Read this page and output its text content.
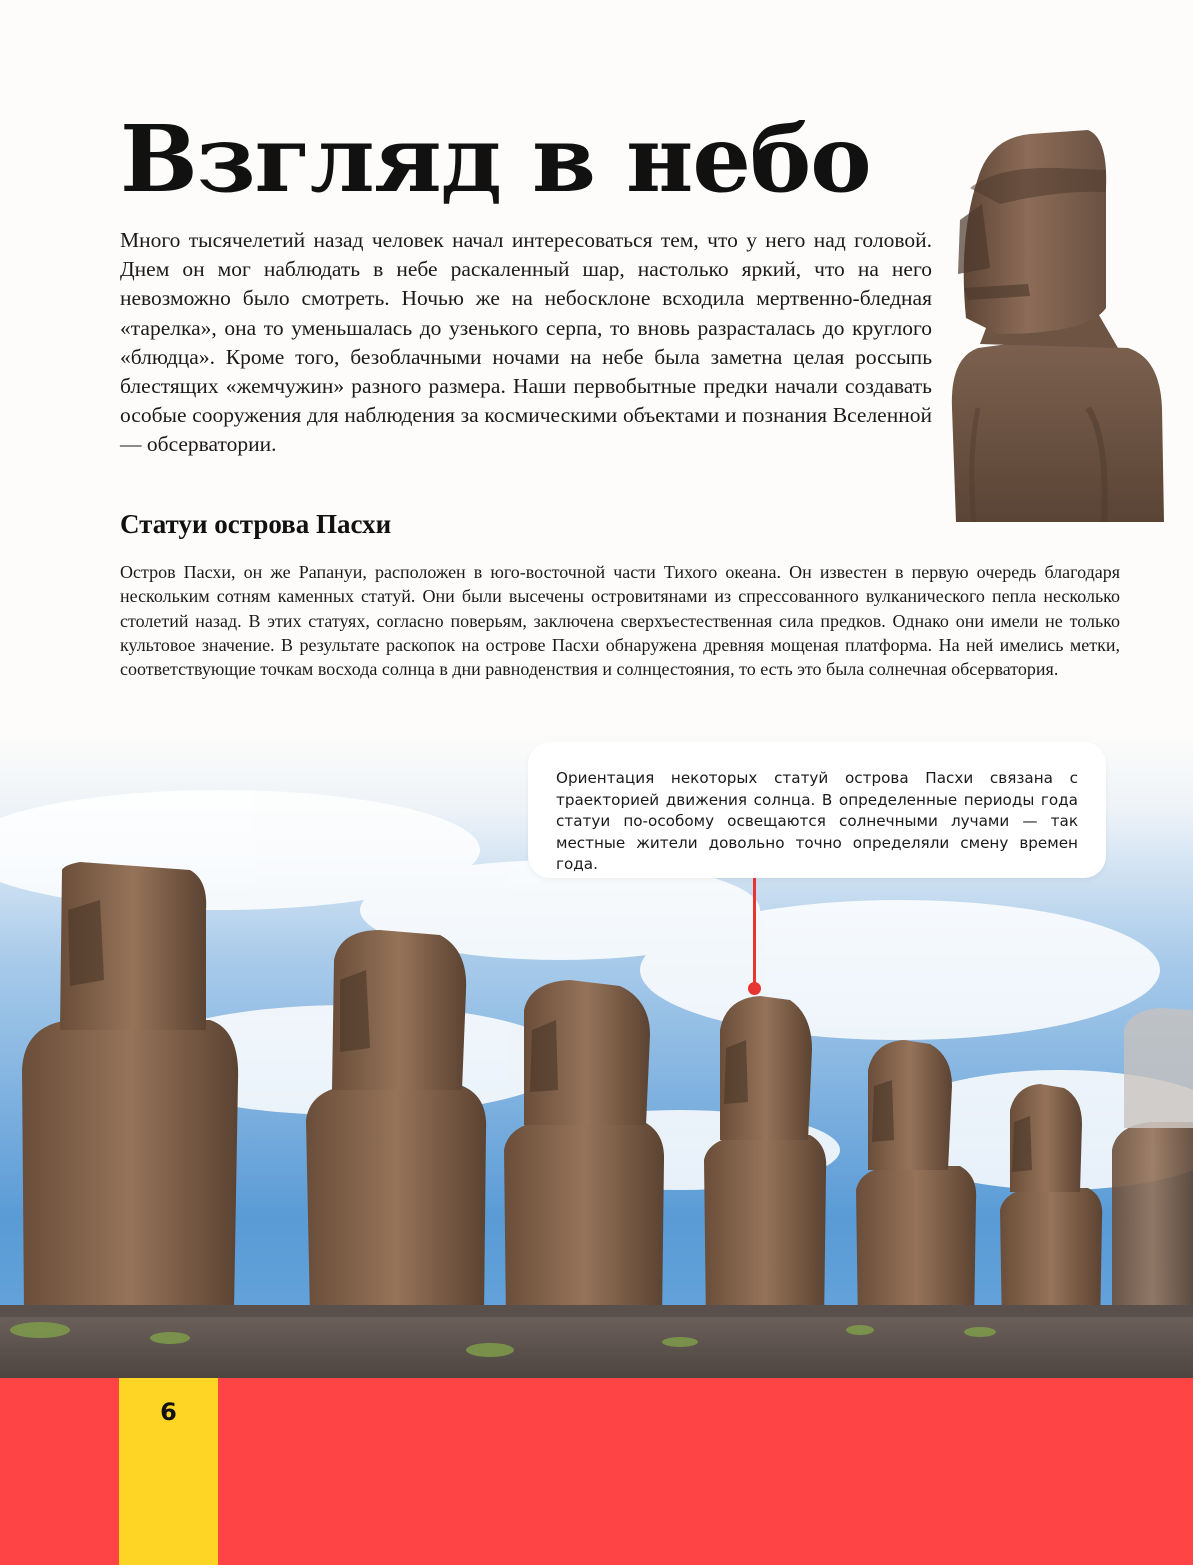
Взгляд в небо

Много тысячелетий назад человек начал интересоваться тем, что у него над головой. Днем он мог наблюдать в небе раскаленный шар, настолько яркий, что на него невозможно было смотреть. Ночью же на небосклоне всходила мертвенно-бледная «тарелка», она то уменьшалась до узенького серпа, то вновь разрасталась до круглого «блюдца». Кроме того, безоблачными ночами на небе была заметна целая россыпь блестящих «жемчужин» разного размера. Наши первобытные предки начали создавать особые сооружения для наблюдения за космическими объектами и познания Вселенной — обсерватории.

Статуи острова Пасхи

Остров Пасхи, он же Рапануи, расположен в юго-восточной части Тихого океана. Он известен в первую очередь благодаря нескольким сотням каменных статуй. Они были высечены островитянами из спрессованного вулканического пепла несколько столетий назад. В этих статуях, согласно поверьям, заключена сверхъестественная сила предков. Однако они имели не только культовое значение. В результате раскопок на острове Пасхи обнаружена древняя мощеная платформа. На ней имелись метки, соответствующие точкам восхода солнца в дни равноденствия и солнцестояния, то есть это была солнечная обсерватория.

Ориентация некоторых статуй острова Пасхи связана с траекторией движения солнца. В определенные периоды года статуи по-особому освещаются солнечными лучами — так местные жители довольно точно определяли смену времен года.

6
